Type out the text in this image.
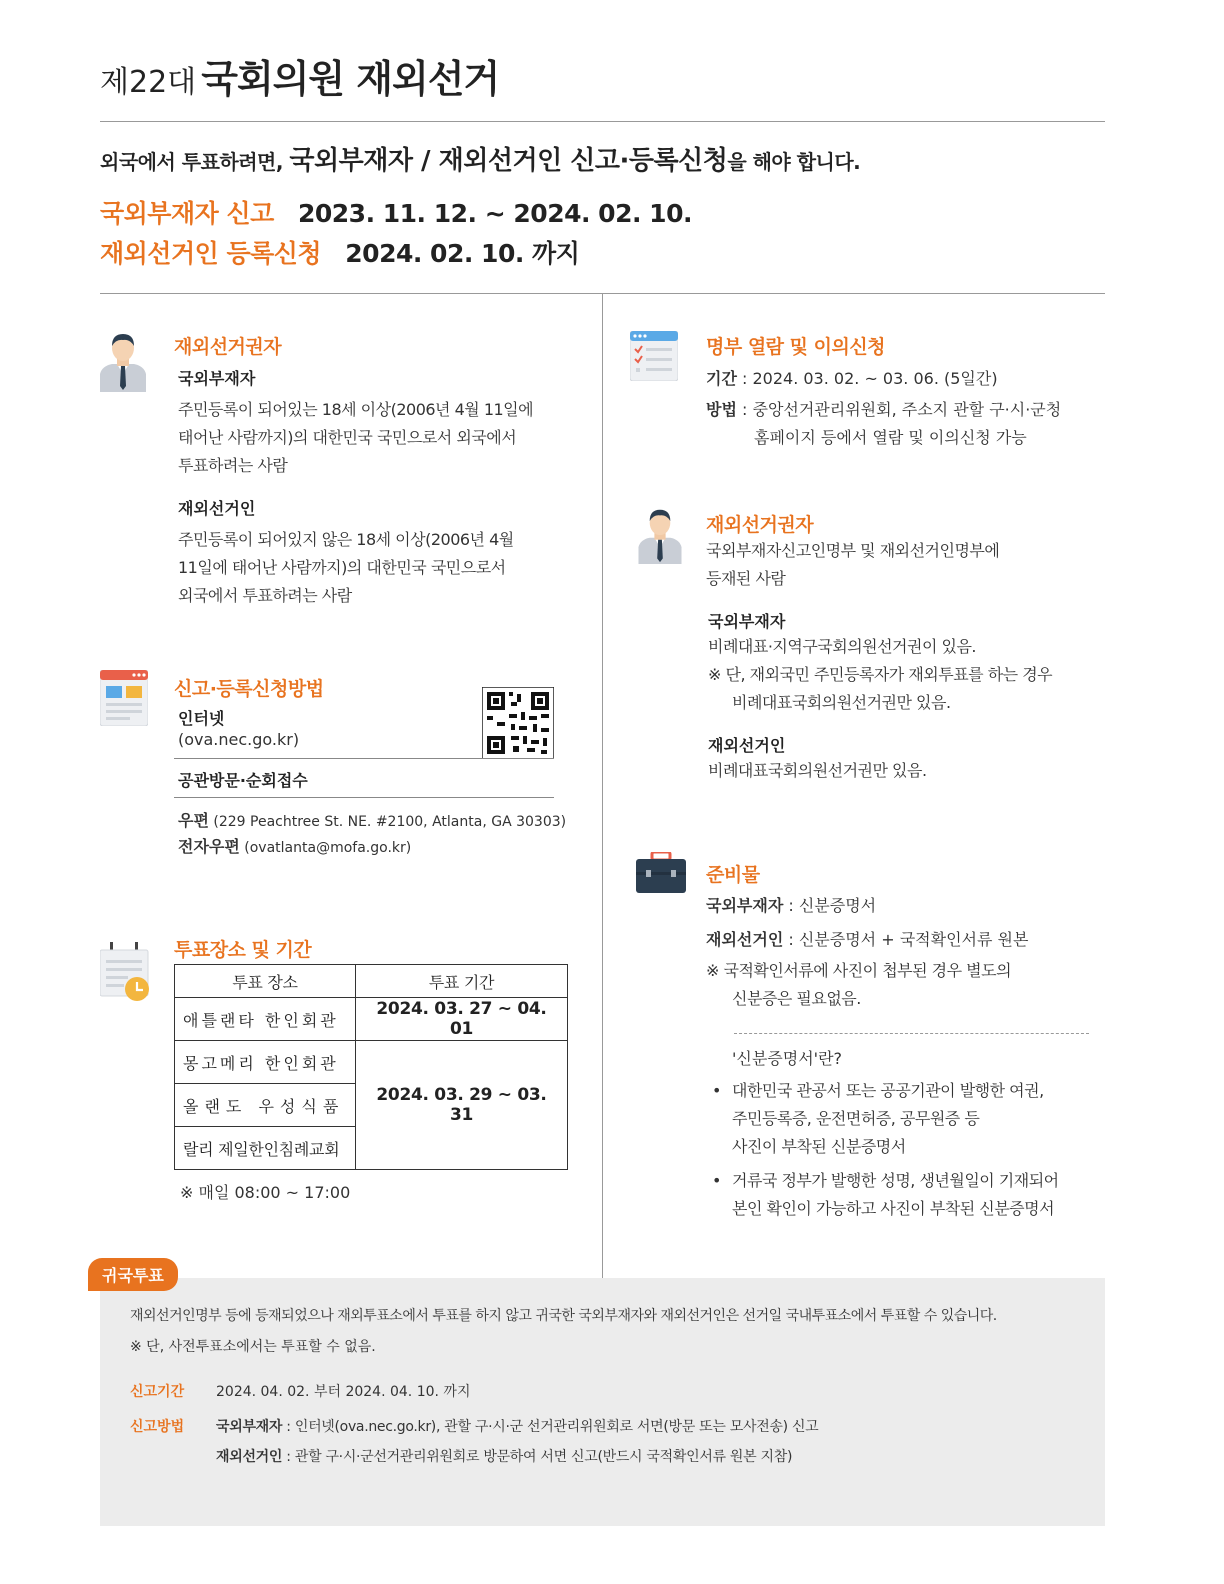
제22대 국회의원 재외선거
외국에서 투표하려면, 국외부재자 / 재외선거인 신고·등록신청을 해야 합니다.
국외부재자 신고 2023. 11. 12. ~ 2024. 02. 10.
재외선거인 등록신청 2024. 02. 10. 까지
재외선거권자
국외부재자
주민등록이 되어있는 18세 이상(2006년 4월 11일에
태어난 사람까지)의 대한민국 국민으로서 외국에서
투표하려는 사람
재외선거인
주민등록이 되어있지 않은 18세 이상(2006년 4월
11일에 태어난 사람까지)의 대한민국 국민으로서
외국에서 투표하려는 사람
신고·등록신청방법
인터넷
(ova.nec.go.kr)
공관방문·순회접수
우편 (229 Peachtree St. NE. #2100, Atlanta, GA 30303)
전자우편 (ovatlanta@mofa.go.kr)
투표장소 및 기간
투표 장소	투표 기간
애틀랜타 한인회관	2024. 03. 27 ~ 04. 01
몽고메리 한인회관	2024. 03. 29 ~ 03. 31
올랜도 우성식품	
랄리 제일한인침례교회	
※ 매일 08:00 ~ 17:00
명부 열람 및 이의신청
기간 : 2024. 03. 02. ~ 03. 06. (5일간)
방법 : 중앙선거관리위원회, 주소지 관할 구·시·군청
홈페이지 등에서 열람 및 이의신청 가능
재외선거권자
국외부재자신고인명부 및 재외선거인명부에
등재된 사람
국외부재자
비례대표·지역구국회의원선거권이 있음.
※ 단, 재외국민 주민등록자가 재외투표를 하는 경우
비례대표국회의원선거권만 있음.
재외선거인
비례대표국회의원선거권만 있음.
준비물
국외부재자 : 신분증명서
재외선거인 : 신분증명서 + 국적확인서류 원본
※ 국적확인서류에 사진이 첩부된 경우 별도의
신분증은 필요없음.
'신분증명서'란?
• 대한민국 관공서 또는 공공기관이 발행한 여권,
주민등록증, 운전면허증, 공무원증 등
사진이 부착된 신분증명서
• 거류국 정부가 발행한 성명, 생년월일이 기재되어
본인 확인이 가능하고 사진이 부착된 신분증명서
귀국투표
재외선거인명부 등에 등재되었으나 재외투표소에서 투표를 하지 않고 귀국한 국외부재자와 재외선거인은 선거일 국내투표소에서 투표할 수 있습니다.
※ 단, 사전투표소에서는 투표할 수 없음.
신고기간 2024. 04. 02. 부터 2024. 04. 10. 까지
신고방법 국외부재자 : 인터넷(ova.nec.go.kr), 관할 구·시·군 선거관리위원회로 서면(방문 또는 모사전송) 신고
재외선거인 : 관할 구·시·군선거관리위원회로 방문하여 서면 신고(반드시 국적확인서류 원본 지참)
